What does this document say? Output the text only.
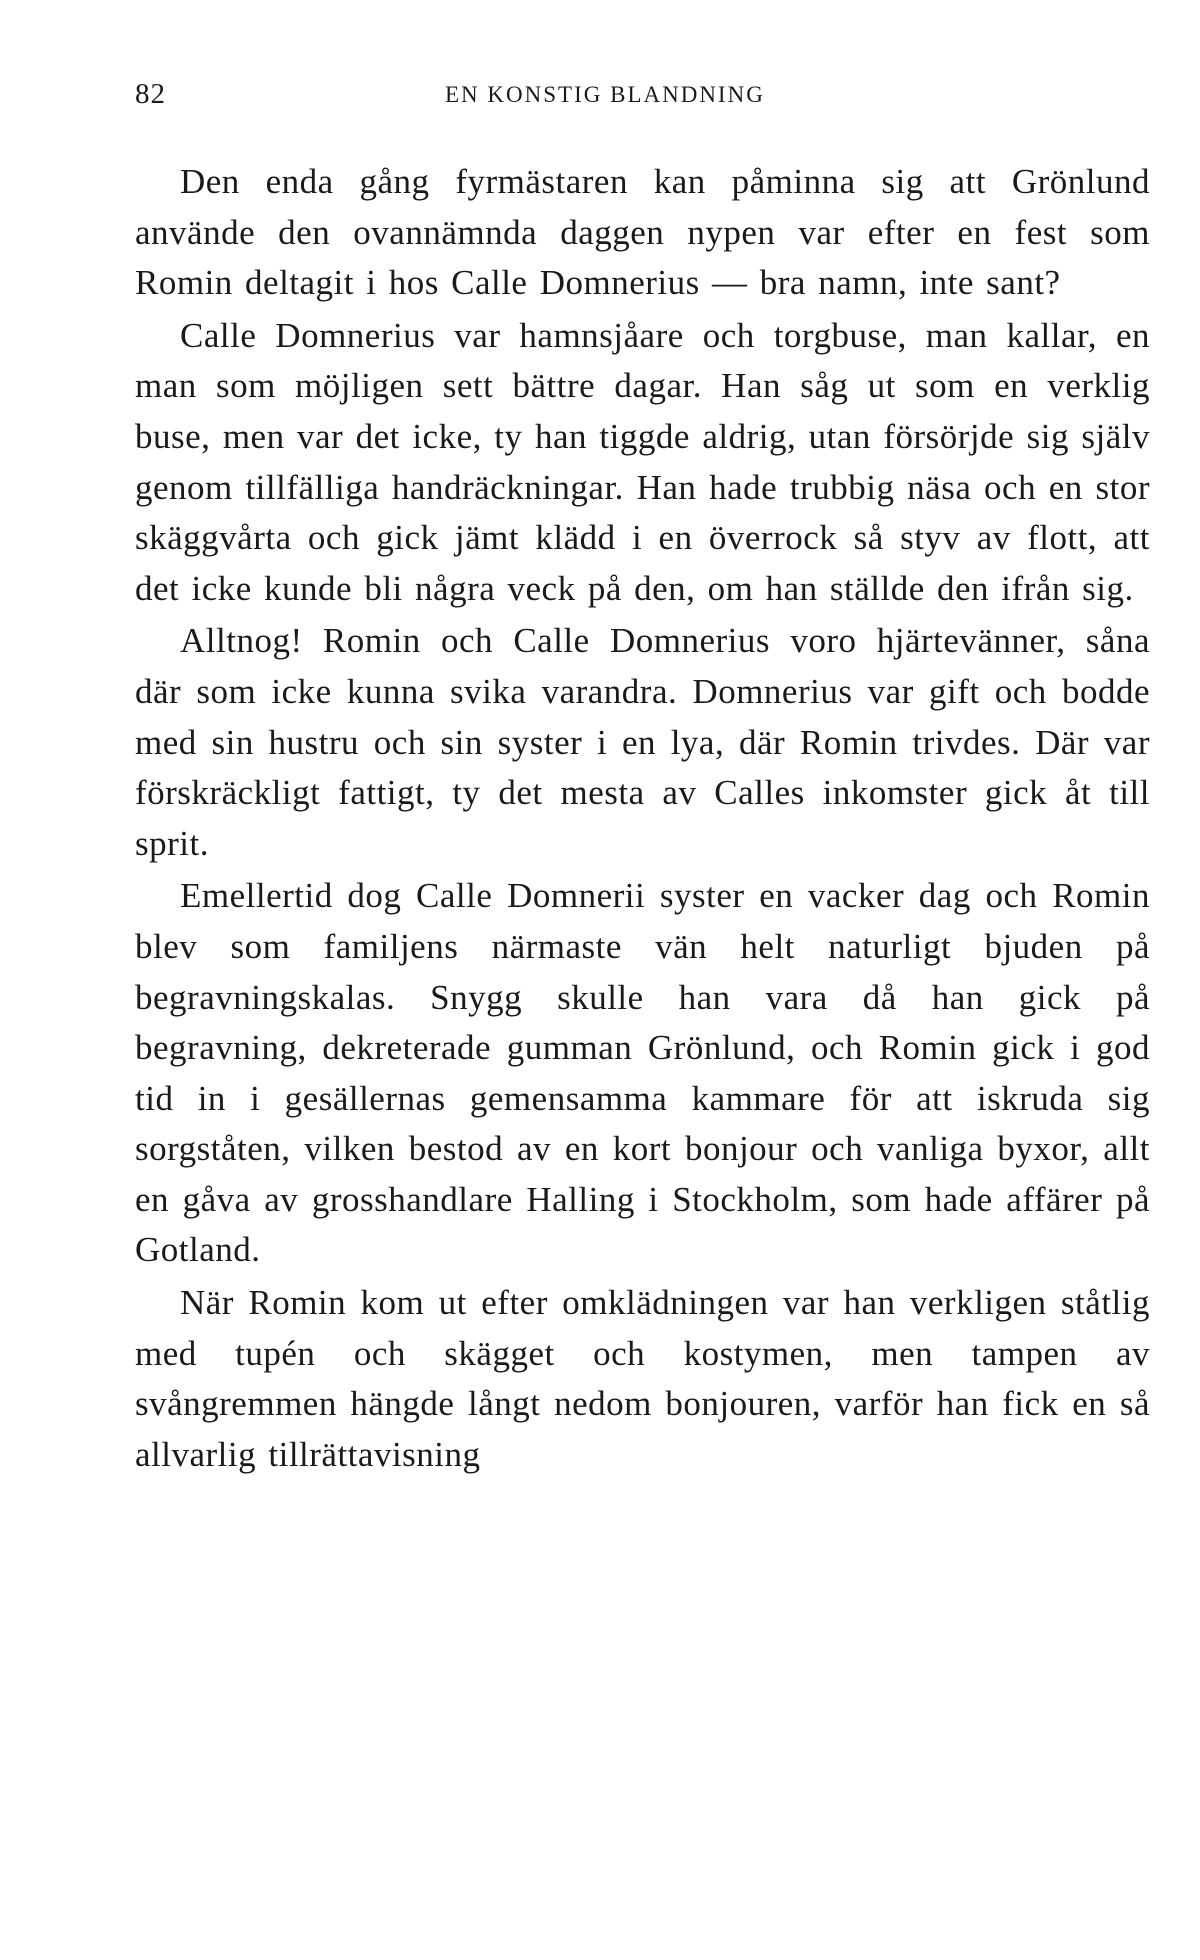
82	EN KONSTIG BLANDNING

Den enda gång fyrmästaren kan påminna sig att Grönlund använde den ovannämnda daggen nypen var efter en fest som Romin deltagit i hos Calle Domnerius — bra namn, inte sant?

Calle Domnerius var hamnsjåare och torgbuse, man kallar, en man som möjligen sett bättre dagar. Han såg ut som en verklig buse, men var det icke, ty han tiggde aldrig, utan försörjde sig själv genom tillfälliga handräckningar. Han hade trubbig näsa och en stor skäggvårta och gick jämt klädd i en överrock så styv av flott, att det icke kunde bli några veck på den, om han ställde den ifrån sig.

Alltnog! Romin och Calle Domnerius voro hjärtevänner, såna där som icke kunna svika varandra. Domnerius var gift och bodde med sin hustru och sin syster i en lya, där Romin trivdes. Där var förskräckligt fattigt, ty det mesta av Calles inkomster gick åt till sprit.

Emellertid dog Calle Domnerii syster en vacker dag och Romin blev som familjens närmaste vän helt naturligt bjuden på begravningskalas. Snygg skulle han vara då han gick på begravning, dekreterade gumman Grönlund, och Romin gick i god tid in i gesällernas gemensamma kammare för att iskruda sig sorgståten, vilken bestod av en kort bonjour och vanliga byxor, allt en gåva av grosshandlare Halling i Stockholm, som hade affärer på Gotland.

När Romin kom ut efter omklädningen var han verkligen ståtlig med tupén och skägget och kostymen, men tampen av svångremmen hängde långt nedom bonjouren, varför han fick en så allvarlig tillrättavisning
